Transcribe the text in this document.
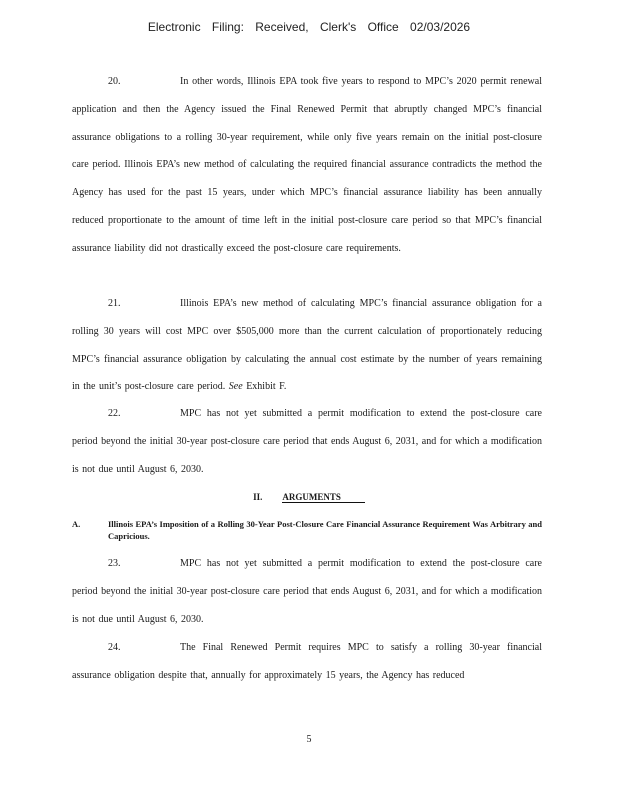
Electronic Filing: Received, Clerk's Office 02/03/2026
20.	In other words, Illinois EPA took five years to respond to MPC’s 2020 permit renewal application and then the Agency issued the Final Renewed Permit that abruptly changed MPC’s financial assurance obligations to a rolling 30-year requirement, while only five years remain on the initial post-closure care period. Illinois EPA’s new method of calculating the required financial assurance contradicts the method the Agency has used for the past 15 years, under which MPC’s financial assurance liability has been annually reduced proportionate to the amount of time left in the initial post-closure care period so that MPC’s financial assurance liability did not drastically exceed the post-closure care requirements.
21.	Illinois EPA’s new method of calculating MPC’s financial assurance obligation for a rolling 30 years will cost MPC over $505,000 more than the current calculation of proportionately reducing MPC’s financial assurance obligation by calculating the annual cost estimate by the number of years remaining in the unit’s post-closure care period. See Exhibit F.
22.	MPC has not yet submitted a permit modification to extend the post-closure care period beyond the initial 30-year post-closure care period that ends August 6, 2031, and for which a modification is not due until August 6, 2030.
II. ARGUMENTS
A.	Illinois EPA’s Imposition of a Rolling 30-Year Post-Closure Care Financial Assurance Requirement Was Arbitrary and Capricious.
23.	MPC has not yet submitted a permit modification to extend the post-closure care period beyond the initial 30-year post-closure care period that ends August 6, 2031, and for which a modification is not due until August 6, 2030.
24.	The Final Renewed Permit requires MPC to satisfy a rolling 30-year financial assurance obligation despite that, annually for approximately 15 years, the Agency has reduced
5
